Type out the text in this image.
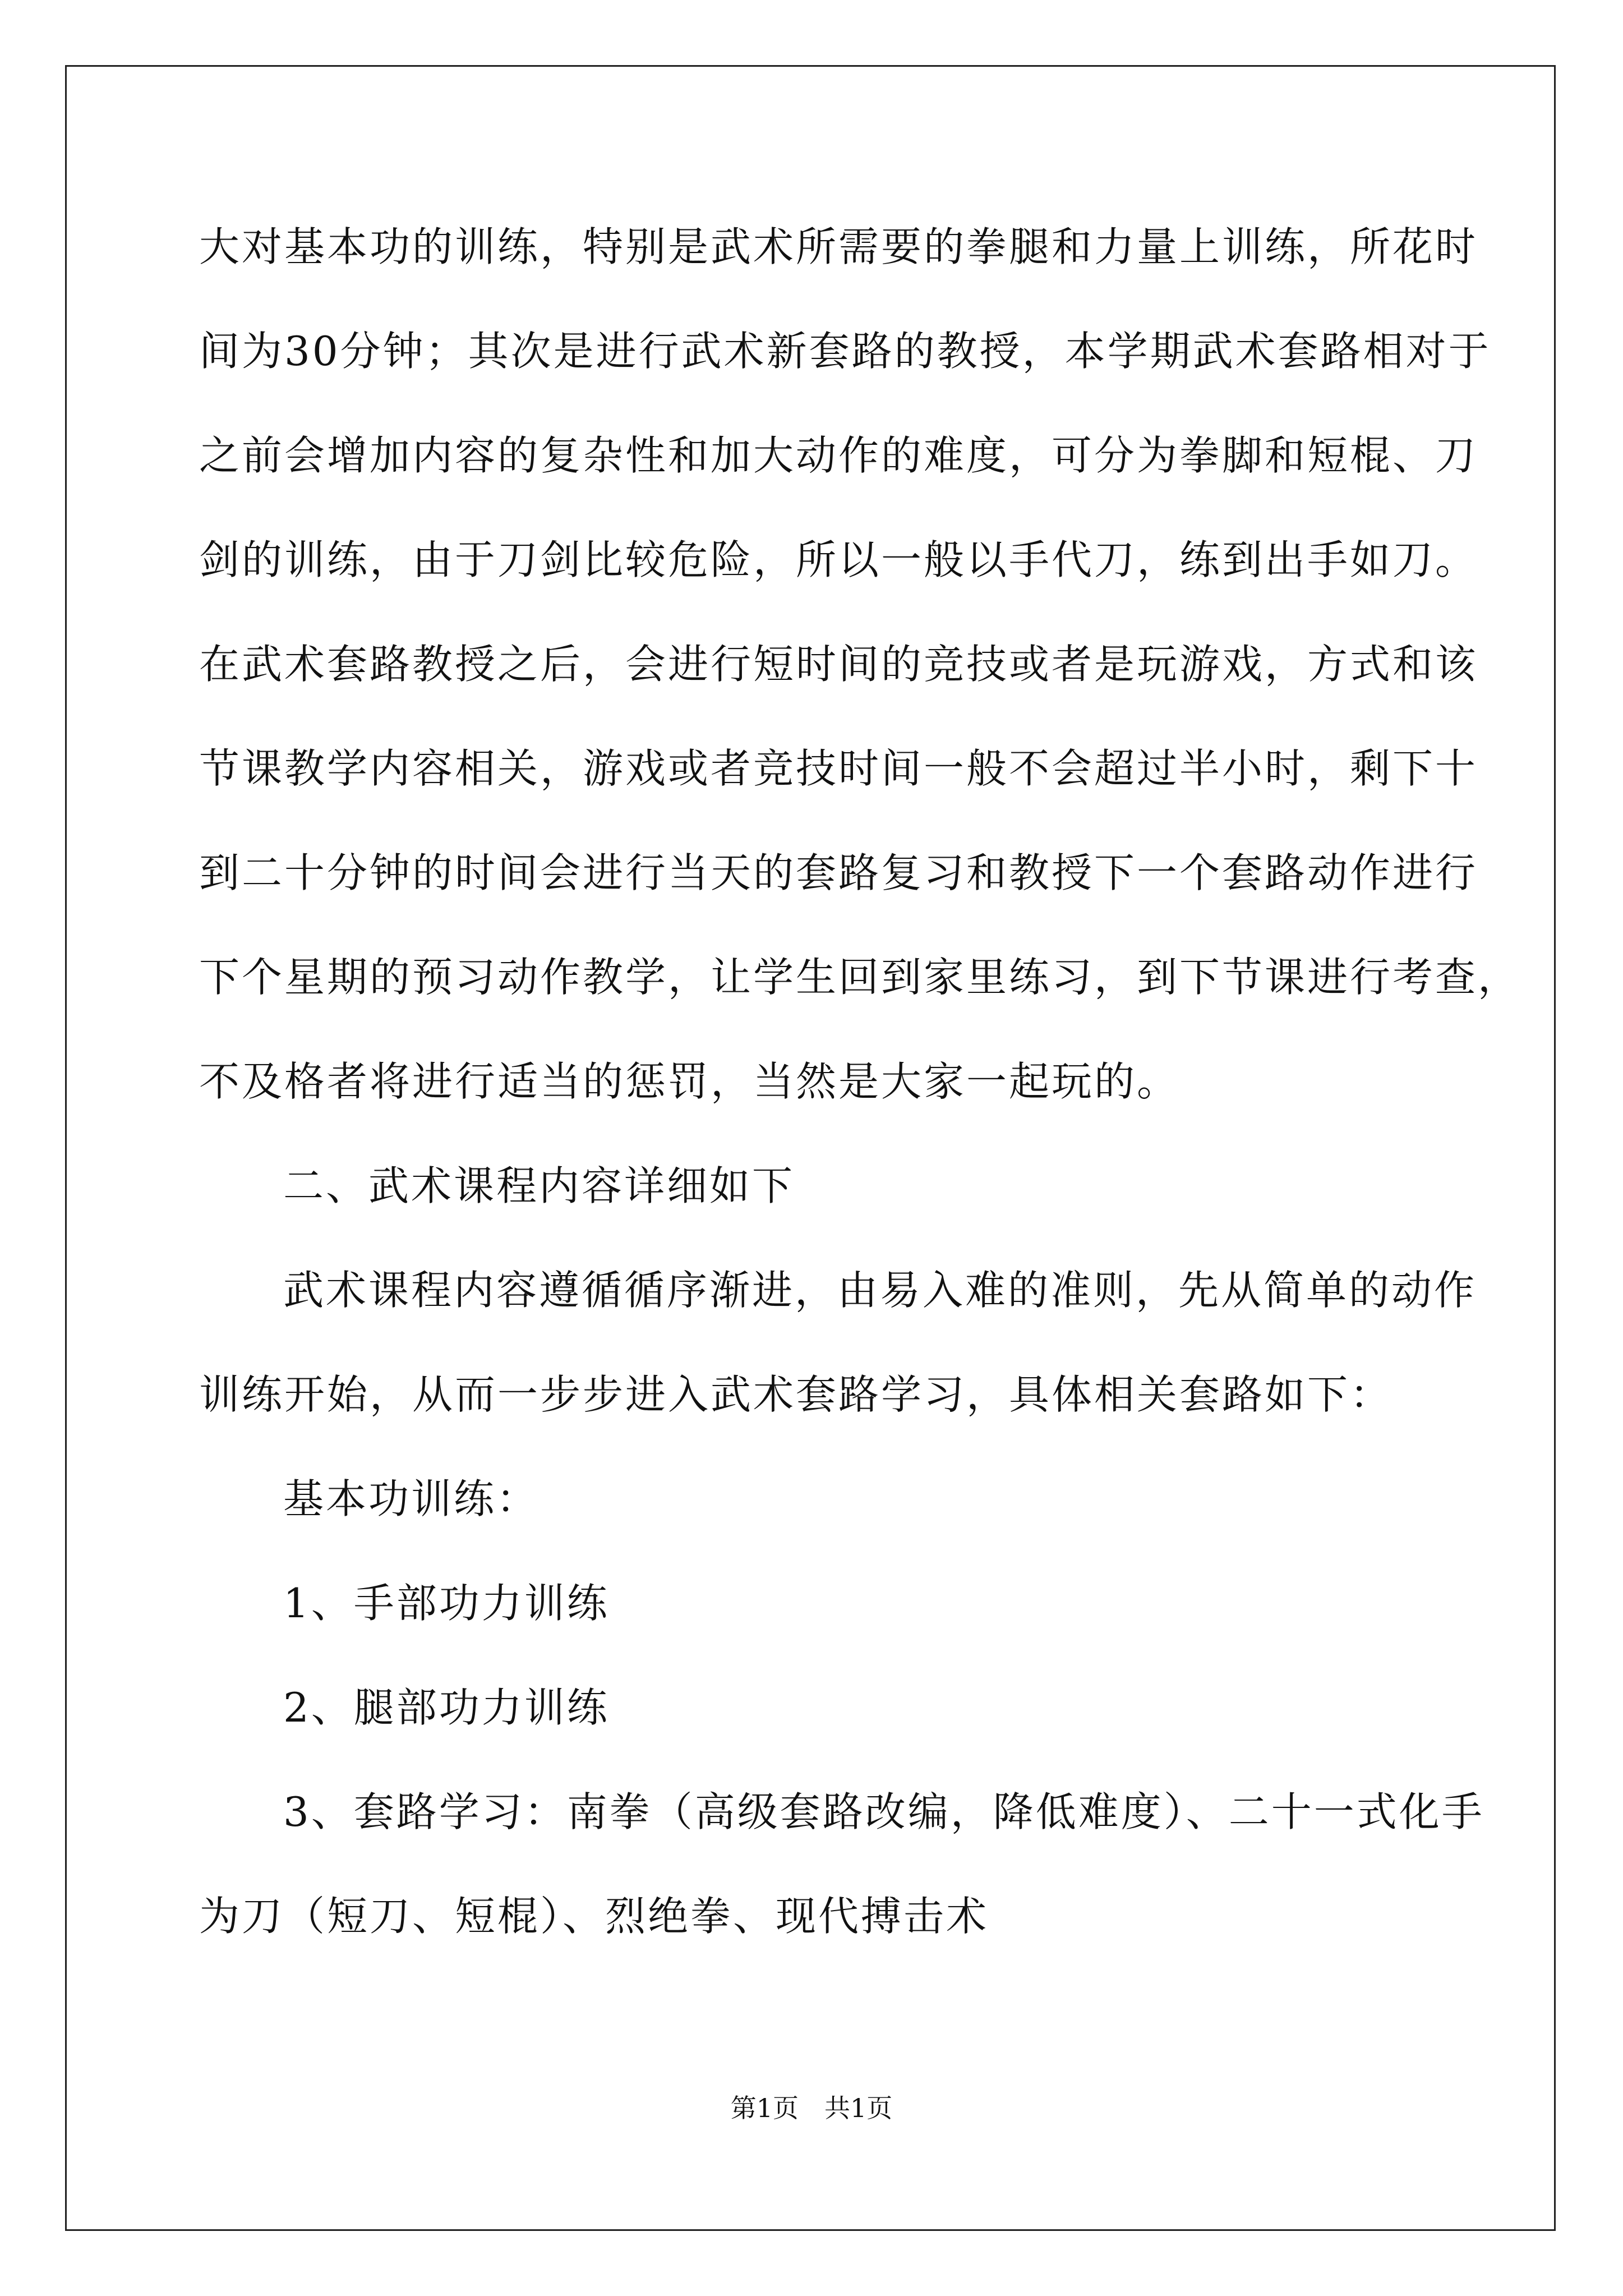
大对基本功的训练，特别是武术所需要的拳腿和力量上训练，所花时
间为30分钟；其次是进行武术新套路的教授，本学期武术套路相对于
之前会增加内容的复杂性和加大动作的难度，可分为拳脚和短棍、刀
剑的训练，由于刀剑比较危险，所以一般以手代刀，练到出手如刀。
在武术套路教授之后，会进行短时间的竞技或者是玩游戏，方式和该
节课教学内容相关，游戏或者竞技时间一般不会超过半小时，剩下十
到二十分钟的时间会进行当天的套路复习和教授下一个套路动作进行
下个星期的预习动作教学，让学生回到家里练习，到下节课进行考查，
不及格者将进行适当的惩罚，当然是大家一起玩的。
二、武术课程内容详细如下
武术课程内容遵循循序渐进，由易入难的准则，先从简单的动作
训练开始，从而一步步进入武术套路学习，具体相关套路如下：
基本功训练：
1、手部功力训练
2、腿部功力训练
3、套路学习：南拳（高级套路改编，降低难度）、二十一式化手
为刀（短刀、短棍）、烈绝拳、现代搏击术
第1页　共1页
